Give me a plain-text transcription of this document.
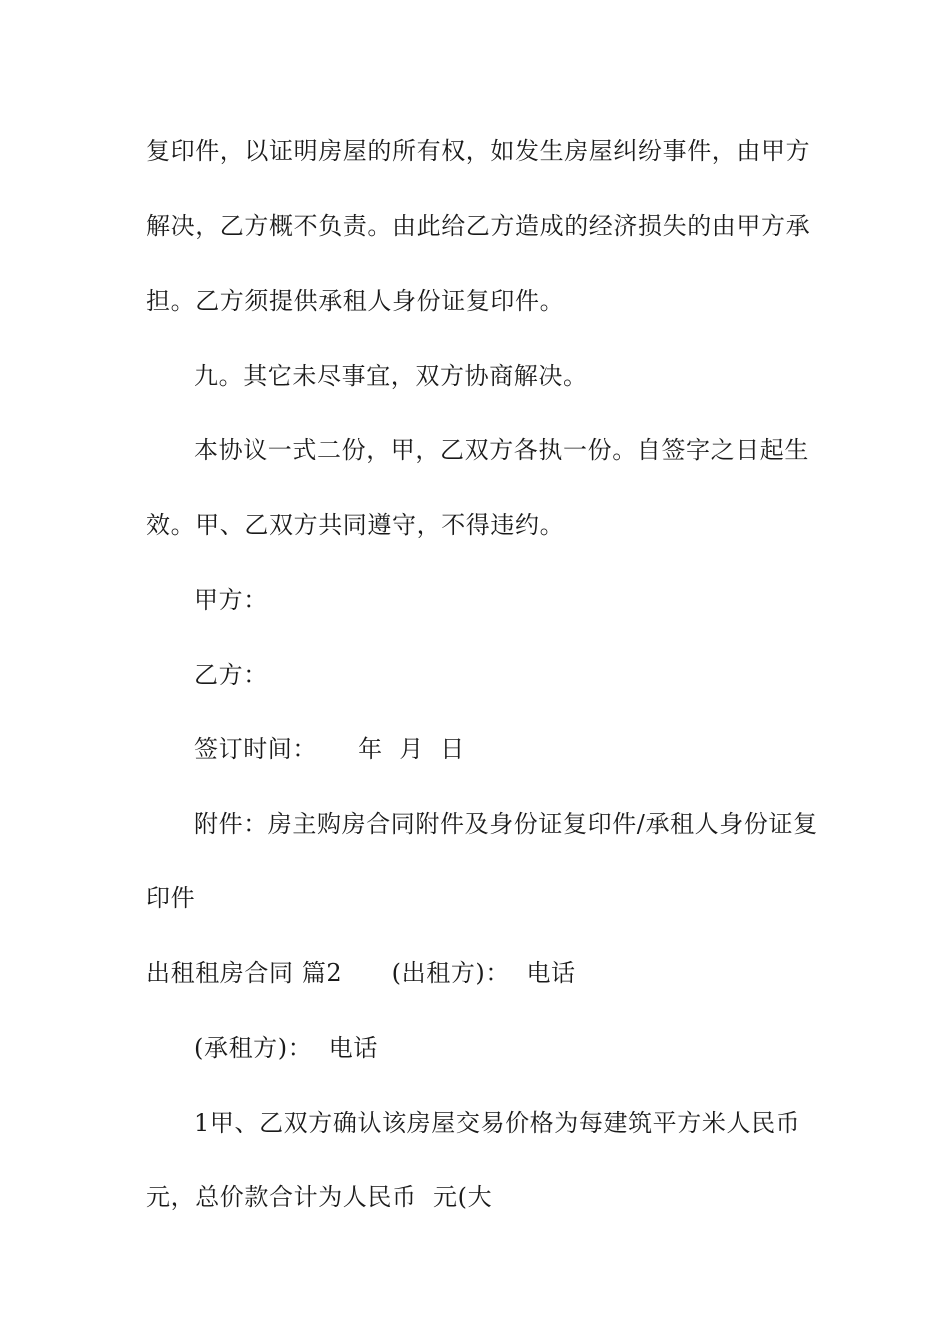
复印件，以证明房屋的所有权，如发生房屋纠纷事件，由甲方
解决，乙方概不负责。由此给乙方造成的经济损失的由甲方承
担。乙方须提供承租人身份证复印件。
九。其它未尽事宜，双方协商解决。
本协议一式二份，甲，乙双方各执一份。自签字之日起生
效。甲、乙双方共同遵守，不得违约。
甲方：
乙方：
签订时间：     年  月  日
附件：房主购房合同附件及身份证复印件/承租人身份证复
印件
出租租房合同 篇2      (出租方)：  电话
(承租方)：  电话
1甲、乙双方确认该房屋交易价格为每建筑平方米人民币
元，总价款合计为人民币  元(大
